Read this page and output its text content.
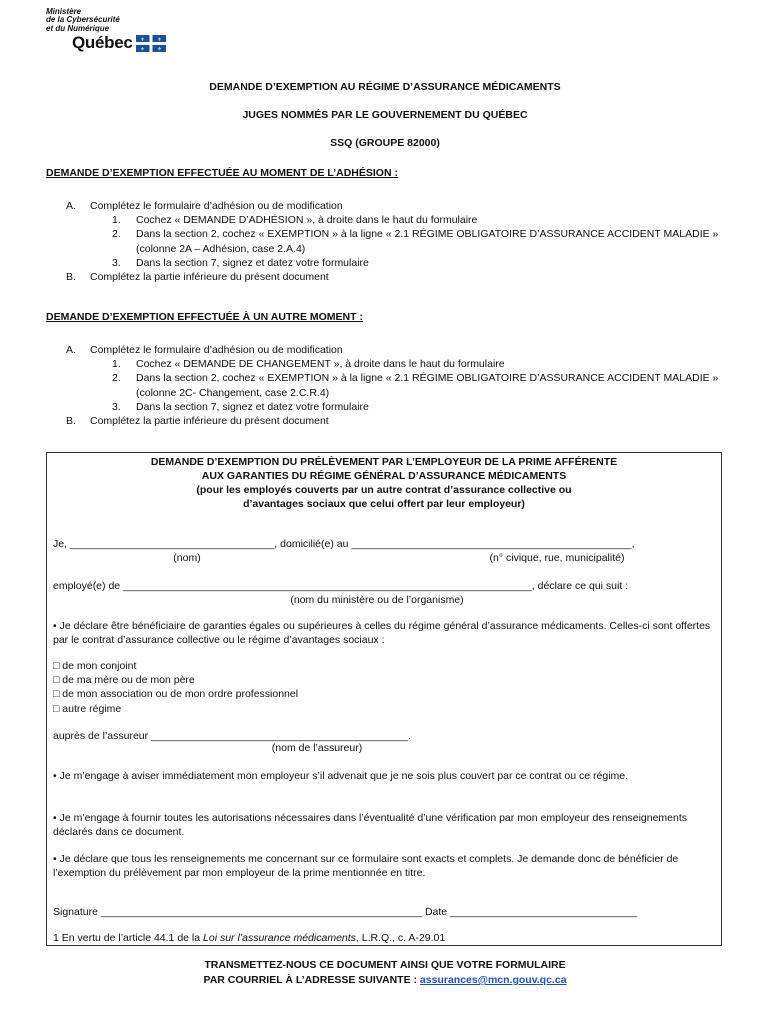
Ministère
de la Cybersécurité
et du Numérique
Québec ⚜	⚜
⚜	⚜
DEMANDE D’EXEMPTION AU RÉGIME D’ASSURANCE MÉDICAMENTS
JUGES NOMMÉS PAR LE GOUVERNEMENT DU QUÉBEC
SSQ (GROUPE 82000)
DEMANDE D’EXEMPTION EFFECTUÉE AU MOMENT DE L’ADHÉSION :
A. Complétez le formulaire d’adhésion ou de modification
1. Cochez « DEMANDE D’ADHÉSION », à droite dans le haut du formulaire
2. Dans la section 2, cochez « EXEMPTION » à la ligne « 2.1 RÉGIME OBLIGATOIRE D’ASSURANCE ACCIDENT MALADIE » (colonne 2A – Adhésion, case 2.A.4)
3. Dans la section 7, signez et datez votre formulaire
B. Complétez la partie inférieure du présent document
DEMANDE D’EXEMPTION EFFECTUÉE À UN AUTRE MOMENT :
A. Complétez le formulaire d’adhésion ou de modification
1. Cochez « DEMANDE DE CHANGEMENT », à droite dans le haut du formulaire
2. Dans la section 2, cochez « EXEMPTION » à la ligne « 2.1 RÉGIME OBLIGATOIRE D’ASSURANCE ACCIDENT MALADIE » (colonne 2C- Changement, case 2.C.R.4)
3. Dans la section 7, signez et datez votre formulaire
B. Complétez la partie inférieure du présent document
DEMANDE D’EXEMPTION DU PRÉLÈVEMENT PAR L’EMPLOYEUR DE LA PRIME AFFÉRENTE
AUX GARANTIES DU RÉGIME GÉNÉRAL D’ASSURANCE MÉDICAMENTS
(pour les employés couverts par un autre contrat d’assurance collective ou
d’avantages sociaux que celui offert par leur employeur)
Je, ___________________________________, domicilié(e) au ________________________________________________,
(nom)	(n° civique, rue, municipalité)
employé(e) de ______________________________________________________________________, déclare ce qui suit :
(nom du ministère ou de l’organisme)
• Je déclare être bénéficiaire de garanties égales ou supérieures à celles du régime général d’assurance médicaments. Celles-ci sont offertes par le contrat d’assurance collective ou le régime d’avantages sociaux :
□ de mon conjoint
□ de ma mère ou de mon père
□ de mon association ou de mon ordre professionnel
□ autre régime
auprès de l’assureur ____________________________________________.
(nom de l’assureur)
• Je m’engage à aviser immédiatement mon employeur s’il advenait que je ne sois plus couvert par ce contrat ou ce régime.
• Je m’engage à fournir toutes les autorisations nécessaires dans l’éventualité d’une vérification par mon employeur des renseignements déclarés dans ce document.
• Je déclare que tous les renseignements me concernant sur ce formulaire sont exacts et complets. Je demande donc de bénéficier de l’exemption du prélèvement par mon employeur de la prime mentionnée en titre.
Signature _______________________________________________________ Date ________________________________
1 En vertu de l’article 44.1 de la Loi sur l’assurance médicaments, L.R.Q., c. A-29.01
TRANSMETTEZ-NOUS CE DOCUMENT AINSI QUE VOTRE FORMULAIRE
PAR COURRIEL À L’ADRESSE SUIVANTE : assurances@mcn.gouv.qc.ca
